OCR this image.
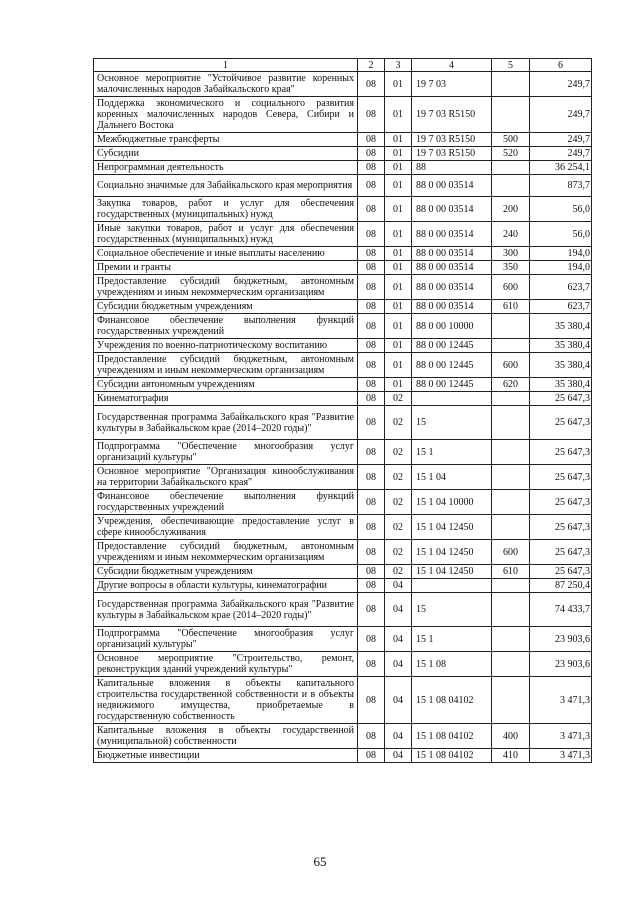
1	2	3	4	5	6
Основное мероприятие "Устойчивое развитие коренных малочисленных народов Забайкальского края"	08	01	19 7 03		249,7
Поддержка экономического и социального развития коренных малочисленных народов Севера, Сибири и Дальнего Востока	08	01	19 7 03 R5150		249,7
Межбюджетные трансферты	08	01	19 7 03 R5150	500	249,7
Субсидии	08	01	19 7 03 R5150	520	249,7
Непрограммная деятельность	08	01	88		36 254,1
Социально значимые для Забайкальского края мероприятия	08	01	88 0 00 03514		873,7
Закупка товаров, работ и услуг для обеспечения государственных (муниципальных) нужд	08	01	88 0 00 03514	200	56,0
Иные закупки товаров, работ и услуг для обеспечения государственных (муниципальных) нужд	08	01	88 0 00 03514	240	56,0
Социальное обеспечение и иные выплаты населению	08	01	88 0 00 03514	300	194,0
Премии и гранты	08	01	88 0 00 03514	350	194,0
Предоставление субсидий бюджетным, автономным учреждениям и иным некоммерческим организациям	08	01	88 0 00 03514	600	623,7
Субсидии бюджетным учреждениям	08	01	88 0 00 03514	610	623,7
Финансовое обеспечение выполнения функций государственных учреждений	08	01	88 0 00 10000		35 380,4
Учреждения по военно-патриотическому воспитанию	08	01	88 0 00 12445		35 380,4
Предоставление субсидий бюджетным, автономным учреждениям и иным некоммерческим организациям	08	01	88 0 00 12445	600	35 380,4
Субсидии автономным учреждениям	08	01	88 0 00 12445	620	35 380,4
Кинематография	08	02			25 647,3
Государственная программа Забайкальского края "Развитие культуры в Забайкальском крае (2014–2020 годы)"	08	02	15		25 647,3
Подпрограмма "Обеспечение многообразия услуг организаций культуры"	08	02	15 1		25 647,3
Основное мероприятие "Организация кинообслуживания на территории Забайкальского края"	08	02	15 1 04		25 647,3
Финансовое обеспечение выполнения функций государственных учреждений	08	02	15 1 04 10000		25 647,3
Учреждения, обеспечивающие предоставление услуг в сфере кинообслуживания	08	02	15 1 04 12450		25 647,3
Предоставление субсидий бюджетным, автономным учреждениям и иным некоммерческим организациям	08	02	15 1 04 12450	600	25 647,3
Субсидии бюджетным учреждениям	08	02	15 1 04 12450	610	25 647,3
Другие вопросы в области культуры, кинематографии	08	04			87 250,4
Государственная программа Забайкальского края "Развитие культуры в Забайкальском крае (2014–2020 годы)"	08	04	15		74 433,7
Подпрограмма "Обеспечение многообразия услуг организаций культуры"	08	04	15 1		23 903,6
Основное мероприятие "Строительство, ремонт, реконструкция зданий учреждений культуры"	08	04	15 1 08		23 903,6
Капитальные вложения в объекты капитального строительства государственной собственности и в объекты недвижимого имущества, приобретаемые в государственную собственность	08	04	15 1 08 04102		3 471,3
Капитальные вложения в объекты государственной (муниципальной) собственности	08	04	15 1 08 04102	400	3 471,3
Бюджетные инвестиции	08	04	15 1 08 04102	410	3 471,3
65
